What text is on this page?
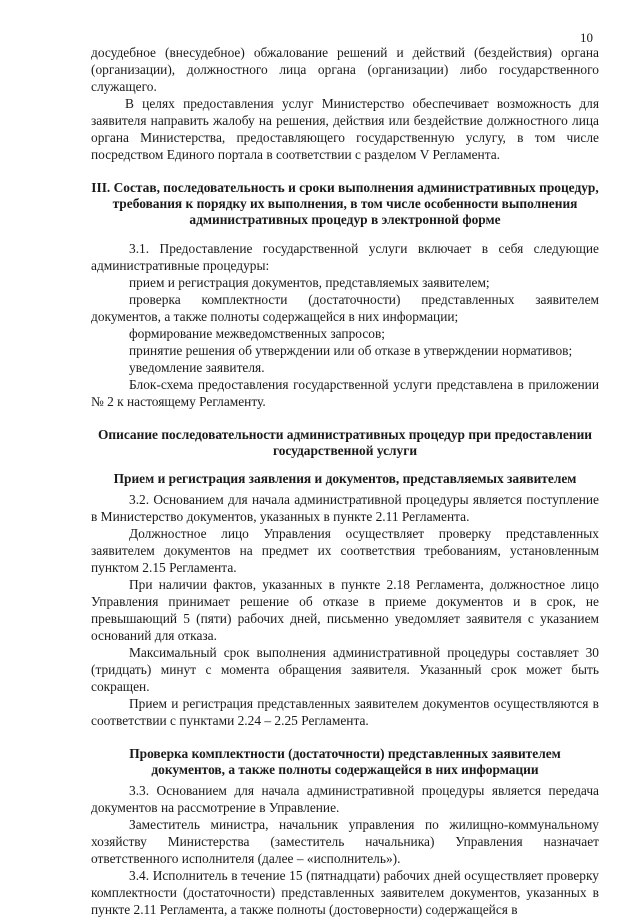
10

досудебное (внесудебное) обжалование решений и действий (бездействия) органа (организации), должностного лица органа (организации) либо государственного служащего.

В целях предоставления услуг Министерство обеспечивает возможность для заявителя направить жалобу на решения, действия или бездействие должностного лица органа Министерства, предоставляющего государственную услугу, в том числе посредством Единого портала в соответствии с разделом V Регламента.

III. Состав, последовательность и сроки выполнения административных процедур, требования к порядку их выполнения, в том числе особенности выполнения административных процедур в электронной форме

3.1. Предоставление государственной услуги включает в себя следующие административные процедуры:

прием и регистрация документов, представляемых заявителем;

проверка комплектности (достаточности) представленных заявителем документов, а также полноты содержащейся в них информации;

формирование межведомственных запросов;

принятие решения об утверждении или об отказе в утверждении нормативов;

уведомление заявителя.

Блок-схема предоставления государственной услуги представлена в приложении № 2 к настоящему Регламенту.

Описание последовательности административных процедур при предоставлении государственной услуги
Прием и регистрация заявления и документов, представляемых заявителем

3.2. Основанием для начала административной процедуры является поступление в Министерство документов, указанных в пункте 2.11 Регламента.

Должностное лицо Управления осуществляет проверку представленных заявителем документов на предмет их соответствия требованиям, установленным пунктом 2.15 Регламента.

При наличии фактов, указанных в пункте 2.18 Регламента, должностное лицо Управления принимает решение об отказе в приеме документов и в срок, не превышающий 5 (пяти) рабочих дней, письменно уведомляет заявителя с указанием оснований для отказа.

Максимальный срок выполнения административной процедуры составляет 30 (тридцать) минут с момента обращения заявителя. Указанный срок может быть сокращен.

Прием и регистрация представленных заявителем документов осуществляются в соответствии с пунктами 2.24 – 2.25 Регламента.

Проверка комплектности (достаточности) представленных заявителем документов, а также полноты содержащейся в них информации

3.3. Основанием для начала административной процедуры является передача документов на рассмотрение в Управление.

Заместитель министра, начальник управления по жилищно-коммунальному хозяйству Министерства (заместитель начальника) Управления назначает ответственного исполнителя (далее – «исполнитель»).

3.4. Исполнитель в течение 15 (пятнадцати) рабочих дней осуществляет проверку комплектности (достаточности) представленных заявителем документов, указанных в пункте 2.11 Регламента, а также полноты (достоверности) содержащейся в
